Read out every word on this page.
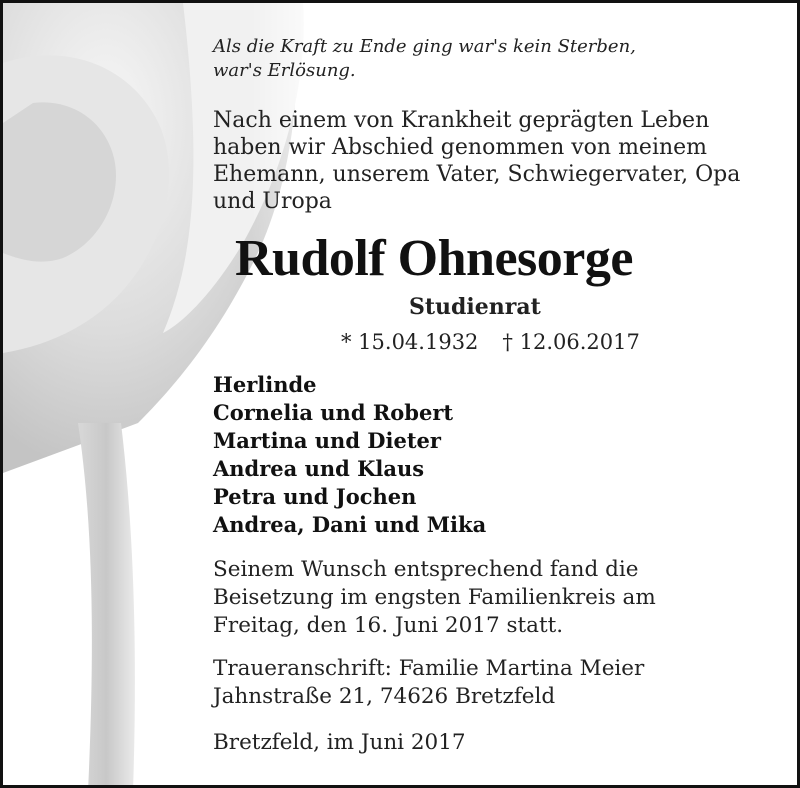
Als die Kraft zu Ende ging war's kein Sterben,
war's Erlösung.
Nach einem von Krankheit geprägten Leben
haben wir Abschied genommen von meinem
Ehemann, unserem Vater, Schwiegervater, Opa
und Uropa
Rudolf Ohnesorge
Studienrat
* 15.04.1932 † 12.06.2017
Herlinde
Cornelia und Robert
Martina und Dieter
Andrea und Klaus
Petra und Jochen
Andrea, Dani und Mika
Seinem Wunsch entsprechend fand die
Beisetzung im engsten Familienkreis am
Freitag, den 16. Juni 2017 statt.
Traueranschrift: Familie Martina Meier
Jahnstraße 21, 74626 Bretzfeld
Bretzfeld, im Juni 2017
